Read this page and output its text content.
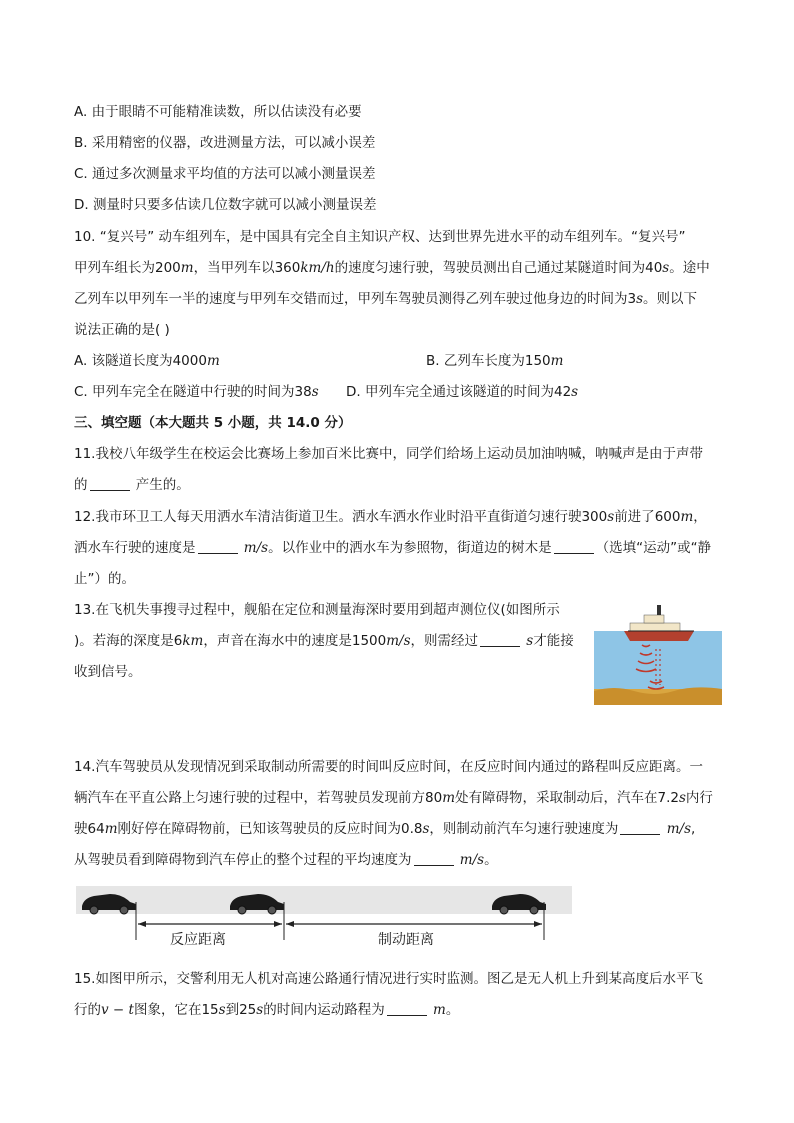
A. 由于眼睛不可能精准读数，所以估读没有必要
B. 采用精密的仪器，改进测量方法，可以减小误差
C. 通过多次测量求平均值的方法可以减小测量误差
D. 测量时只要多估读几位数字就可以减小测量误差
10. “复兴号” 动车组列车，是中国具有完全自主知识产权、达到世界先进水平的动车组列车。“复兴号”
甲列车组长为200m，当甲列车以360km/h的速度匀速行驶，驾驶员测出自己通过某隧道时间为40s。途中
乙列车以甲列车一半的速度与甲列车交错而过，甲列车驾驶员测得乙列车驶过他身边的时间为3s。则以下
说法正确的是( )
A. 该隧道长度为4000m	B. 乙列车长度为150m
C. 甲列车完全在隧道中行驶的时间为38s D. 甲列车完全通过该隧道的时间为42s
三、填空题（本大题共 5 小题，共 14.0 分）
11.我校八年级学生在校运会比赛场上参加百米比赛中，同学们给场上运动员加油呐喊，呐喊声是由于声带
的	产生的。
12.我市环卫工人每天用洒水车清洁街道卫生。洒水车洒水作业时沿平直街道匀速行驶300s前进了600m，
洒水车行驶的速度是	m/s。以作业中的洒水车为参照物，街道边的树木是	（选填“运动”或“静
止”）的。
13.在飞机失事搜寻过程中，舰船在定位和测量海深时要用到超声测位仪(如图所示
)。若海的深度是6km，声音在海水中的速度是1500m/s，则需经过	s才能接
收到信号。
14.汽车驾驶员从发现情况到采取制动所需要的时间叫反应时间，在反应时间内通过的路程叫反应距离。一
辆汽车在平直公路上匀速行驶的过程中，若驾驶员发现前方80m处有障碍物，采取制动后，汽车在7.2s内行
驶64m刚好停在障碍物前，已知该驾驶员的反应时间为0.8s，则制动前汽车匀速行驶速度为	m/s,
从驾驶员看到障碍物到汽车停止的整个过程的平均速度为	m/s。
反应距离	制动距离
15.如图甲所示，交警利用无人机对高速公路通行情况进行实时监测。图乙是无人机上升到某高度后水平飞
行的v − t图象，它在15s到25s的时间内运动路程为	m。
